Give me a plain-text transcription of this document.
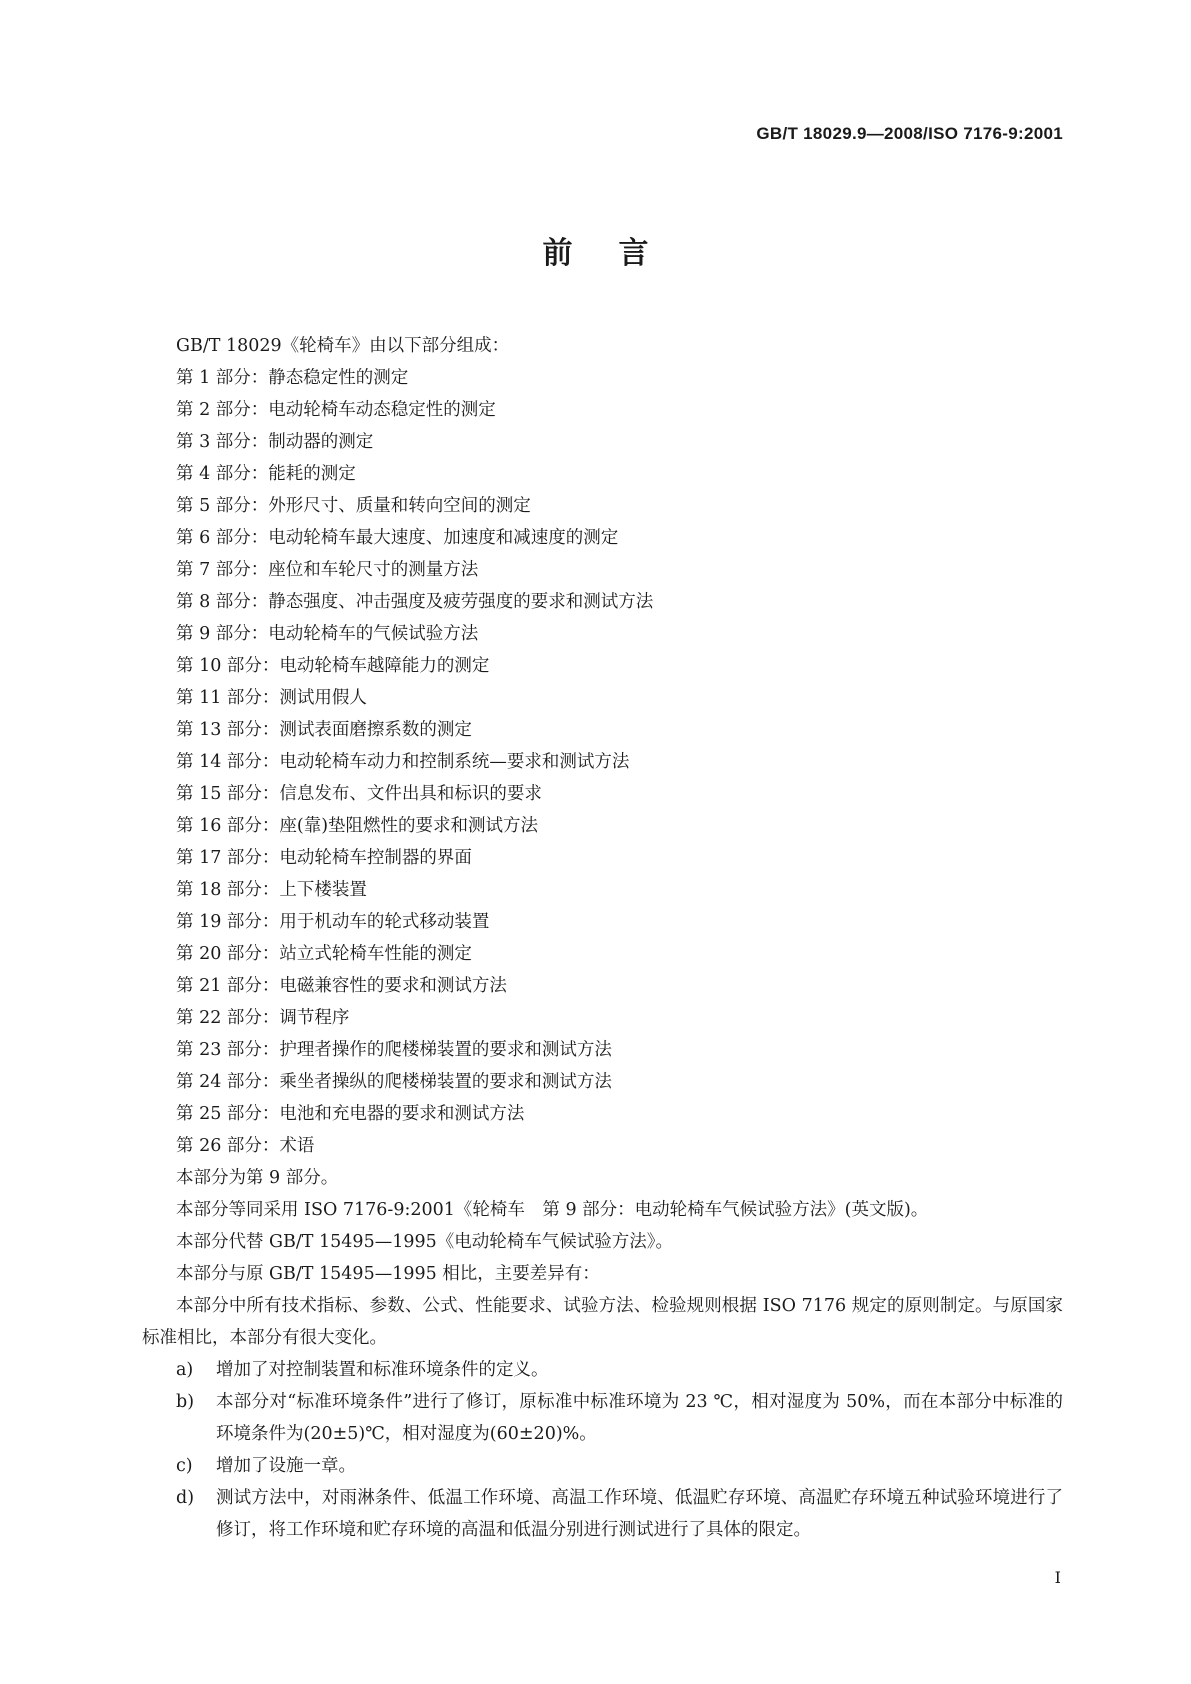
GB/T 18029.9—2008/ISO 7176-9:2001
前言
GB/T 18029《轮椅车》由以下部分组成：
第 1 部分：静态稳定性的测定
第 2 部分：电动轮椅车动态稳定性的测定
第 3 部分：制动器的测定
第 4 部分：能耗的测定
第 5 部分：外形尺寸、质量和转向空间的测定
第 6 部分：电动轮椅车最大速度、加速度和减速度的测定
第 7 部分：座位和车轮尺寸的测量方法
第 8 部分：静态强度、冲击强度及疲劳强度的要求和测试方法
第 9 部分：电动轮椅车的气候试验方法
第 10 部分：电动轮椅车越障能力的测定
第 11 部分：测试用假人
第 13 部分：测试表面磨擦系数的测定
第 14 部分：电动轮椅车动力和控制系统—要求和测试方法
第 15 部分：信息发布、文件出具和标识的要求
第 16 部分：座(靠)垫阻燃性的要求和测试方法
第 17 部分：电动轮椅车控制器的界面
第 18 部分：上下楼装置
第 19 部分：用于机动车的轮式移动装置
第 20 部分：站立式轮椅车性能的测定
第 21 部分：电磁兼容性的要求和测试方法
第 22 部分：调节程序
第 23 部分：护理者操作的爬楼梯装置的要求和测试方法
第 24 部分：乘坐者操纵的爬楼梯装置的要求和测试方法
第 25 部分：电池和充电器的要求和测试方法
第 26 部分：术语
本部分为第 9 部分。
本部分等同采用 ISO 7176-9:2001《轮椅车　第 9 部分：电动轮椅车气候试验方法》(英文版)。
本部分代替 GB/T 15495—1995《电动轮椅车气候试验方法》。
本部分与原 GB/T 15495—1995 相比，主要差异有：
本部分中所有技术指标、参数、公式、性能要求、试验方法、检验规则根据 ISO 7176 规定的原则制定。与原国家标准相比，本部分有很大变化。
a)	增加了对控制装置和标准环境条件的定义。
b)	本部分对“标准环境条件”进行了修订，原标准中标准环境为 23 ℃，相对湿度为 50%，而在本部分中标准的环境条件为(20±5)℃，相对湿度为(60±20)%。
c)	增加了设施一章。
d)	测试方法中，对雨淋条件、低温工作环境、高温工作环境、低温贮存环境、高温贮存环境五种试验环境进行了修订，将工作环境和贮存环境的高温和低温分别进行测试进行了具体的限定。
I
